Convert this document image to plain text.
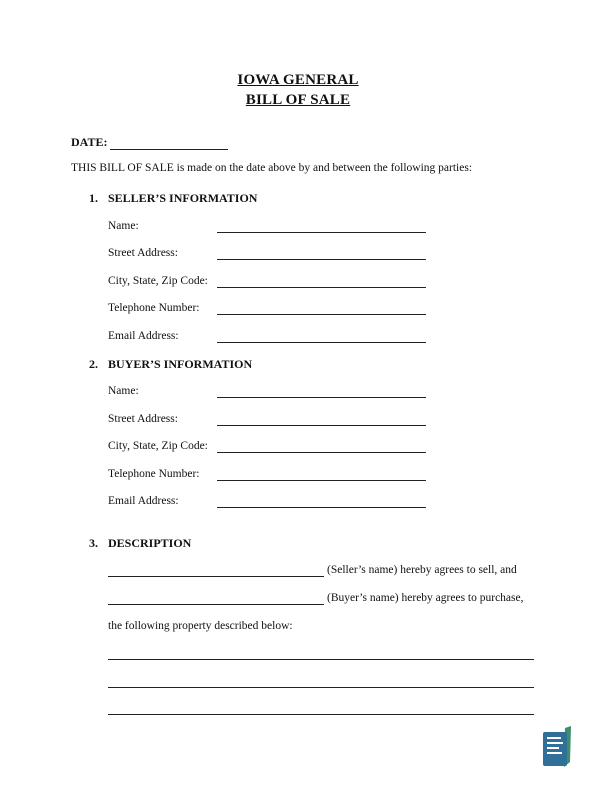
IOWA GENERAL
BILL OF SALE
DATE:
THIS BILL OF SALE is made on the date above by and between the following parties:
1. SELLER’S INFORMATION
Name:
Street Address:
City, State, Zip Code:
Telephone Number:
Email Address:
2. BUYER’S INFORMATION
Name:
Street Address:
City, State, Zip Code:
Telephone Number:
Email Address:
3. DESCRIPTION
(Seller’s name) hereby agrees to sell, and
(Buyer’s name) hereby agrees to purchase,
the following property described below:
